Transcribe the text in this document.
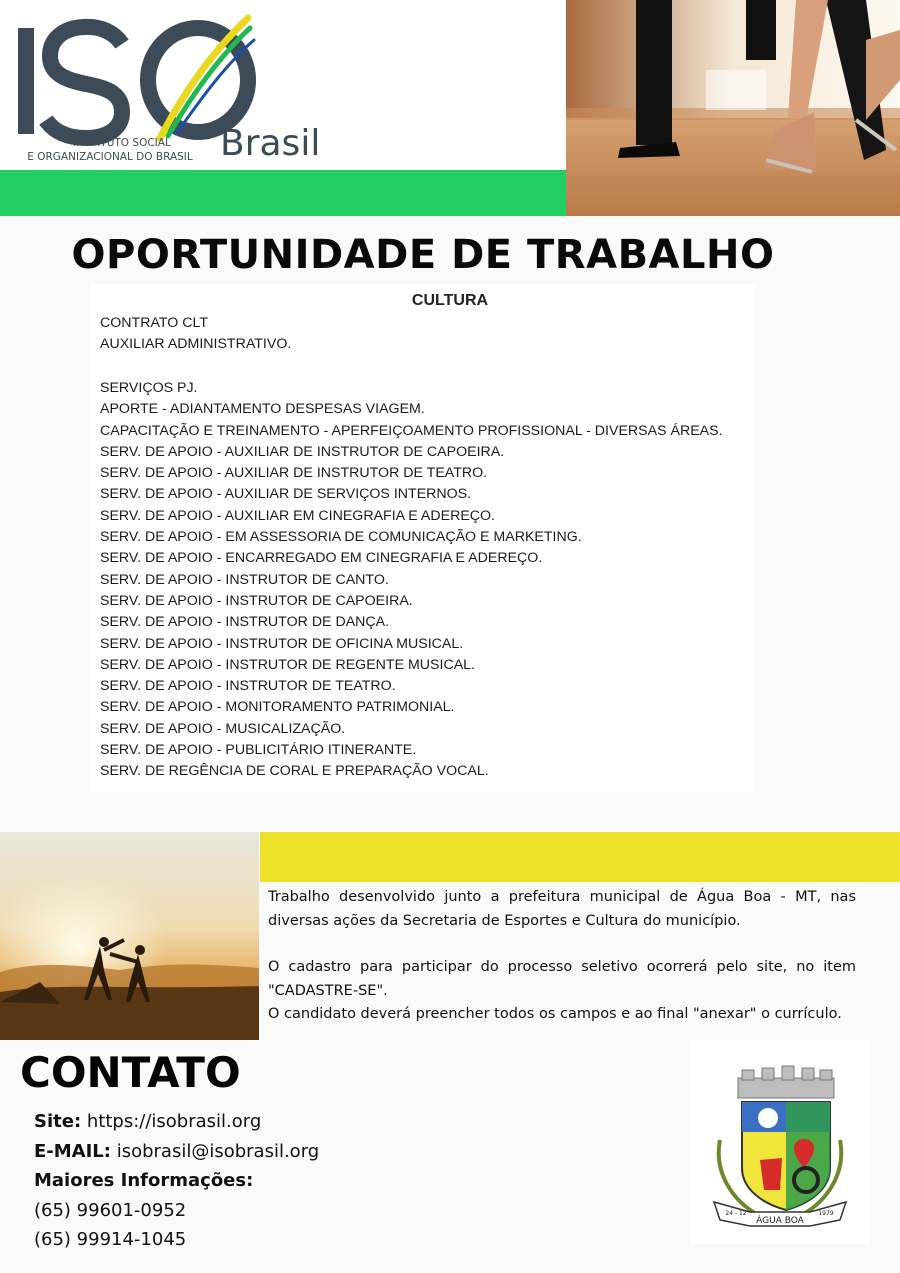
Brasil
INSTITUTO SOCIAL
E ORGANIZACIONAL DO BRASIL
OPORTUNIDADE DE TRABALHO
CULTURA
CONTRATO CLT
AUXILIAR ADMINISTRATIVO.
SERVIÇOS PJ.
APORTE - ADIANTAMENTO DESPESAS VIAGEM.
CAPACITAÇÃO E TREINAMENTO - APERFEIÇOAMENTO PROFISSIONAL - DIVERSAS ÁREAS.
SERV. DE APOIO - AUXILIAR DE INSTRUTOR DE CAPOEIRA.
SERV. DE APOIO - AUXILIAR DE INSTRUTOR DE TEATRO.
SERV. DE APOIO - AUXILIAR DE SERVIÇOS INTERNOS.
SERV. DE APOIO - AUXILIAR EM CINEGRAFIA E ADEREÇO.
SERV. DE APOIO - EM ASSESSORIA DE COMUNICAÇÃO E MARKETING.
SERV. DE APOIO - ENCARREGADO EM CINEGRAFIA E ADEREÇO.
SERV. DE APOIO - INSTRUTOR DE CANTO.
SERV. DE APOIO - INSTRUTOR DE CAPOEIRA.
SERV. DE APOIO - INSTRUTOR DE DANÇA.
SERV. DE APOIO - INSTRUTOR DE OFICINA MUSICAL.
SERV. DE APOIO - INSTRUTOR DE REGENTE MUSICAL.
SERV. DE APOIO - INSTRUTOR DE TEATRO.
SERV. DE APOIO - MONITORAMENTO PATRIMONIAL.
SERV. DE APOIO - MUSICALIZAÇÃO.
SERV. DE APOIO - PUBLICITÁRIO ITINERANTE.
SERV. DE REGÊNCIA DE CORAL E PREPARAÇÃO VOCAL.

Trabalho desenvolvido junto a prefeitura municipal de Água Boa - MT, nas diversas ações da Secretaria de Esportes e Cultura do município.

O cadastro para participar do processo seletivo ocorrerá pelo site, no item "CADASTRE-SE".

O candidato deverá preencher todos os campos e ao final "anexar" o currículo.

CONTATO
Site: https://isobrasil.org
E-MAIL: isobrasil@isobrasil.org
Maiores Informações:
(65) 99601-0952
(65) 99914-1045
ÁGUA BOA
24 - 12	1979
